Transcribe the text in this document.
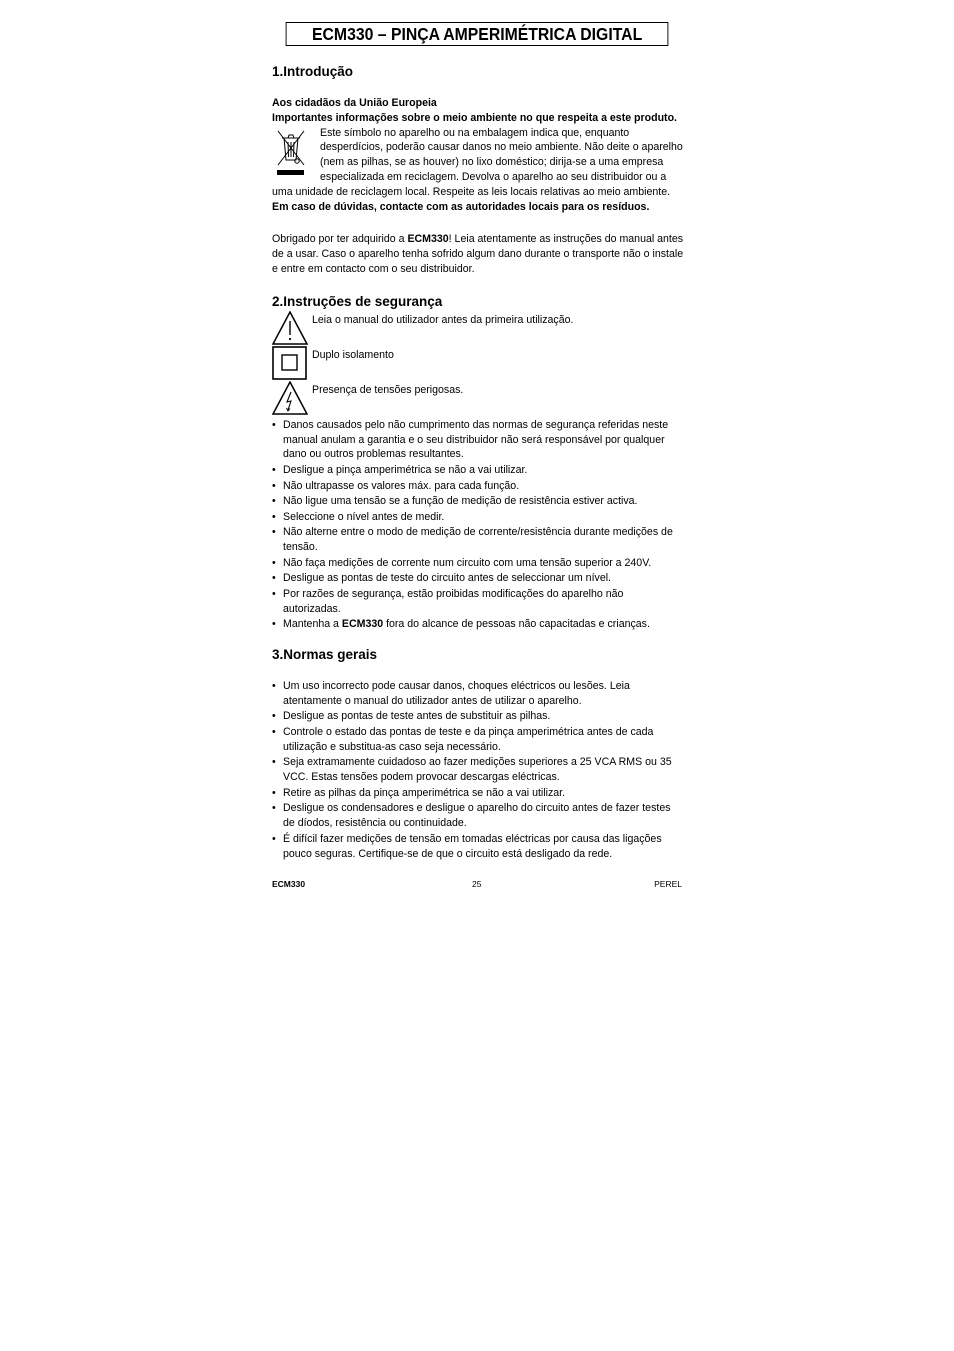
ECM330 – PINÇA AMPERIMÉTRICA DIGITAL
1.Introdução

Aos cidadãos da União Europeia

Importantes informações sobre o meio ambiente no que respeita a este produto.

Este símbolo no aparelho ou na embalagem indica que, enquanto desperdícios, poderão causar danos no meio ambiente. Não deite o aparelho (nem as pilhas, se as houver) no lixo doméstico; dirija-se a uma empresa especializada em reciclagem. Devolva o aparelho ao seu distribuidor ou a uma unidade de reciclagem local. Respeite as leis locais relativas ao meio ambiente.

Em caso de dúvidas, contacte com as autoridades locais para os resíduos.

Obrigado por ter adquirido a ECM330! Leia atentamente as instruções do manual antes de a usar. Caso o aparelho tenha sofrido algum dano durante o transporte não o instale e entre em contacto com o seu distribuidor.

2.Instruções de segurança
Leia o manual do utilizador antes da primeira utilização.
Duplo isolamento
Presença de tensões perigosas.
• Danos causados pelo não cumprimento das normas de segurança referidas neste manual anulam a garantia e o seu distribuidor não será responsável por qualquer dano ou outros problemas resultantes.
• Desligue a pinça amperimétrica se não a vai utilizar.
• Não ultrapasse os valores máx. para cada função.
• Não ligue uma tensão se a função de medição de resistência estiver activa.
• Seleccione o nível antes de medir.
• Não alterne entre o modo de medição de corrente/resistência durante medições de tensão.
• Não faça medições de corrente num circuito com uma tensão superior a 240V.
• Desligue as pontas de teste do circuito antes de seleccionar um nível.
• Por razões de segurança, estão proibidas modificações do aparelho não autorizadas.
• Mantenha a ECM330 fora do alcance de pessoas não capacitadas e crianças.
3.Normas gerais
• Um uso incorrecto pode causar danos, choques eléctricos ou lesões. Leia atentamente o manual do utilizador antes de utilizar o aparelho.
• Desligue as pontas de teste antes de substituir as pilhas.
• Controle o estado das pontas de teste e da pinça amperimétrica antes de cada utilização e substitua-as caso seja necessário.
• Seja extramamente cuidadoso ao fazer medições superiores a 25 VCA RMS ou 35 VCC. Estas tensões podem provocar descargas eléctricas.
• Retire as pilhas da pinça amperimétrica se não a vai utilizar.
• Desligue os condensadores e desligue o aparelho do circuito antes de fazer testes de díodos, resistência ou continuidade.
• É difícil fazer medições de tensão em tomadas eléctricas por causa das ligações pouco seguras. Certifique-se de que o circuito está desligado da rede.
ECM330	25	PEREL
